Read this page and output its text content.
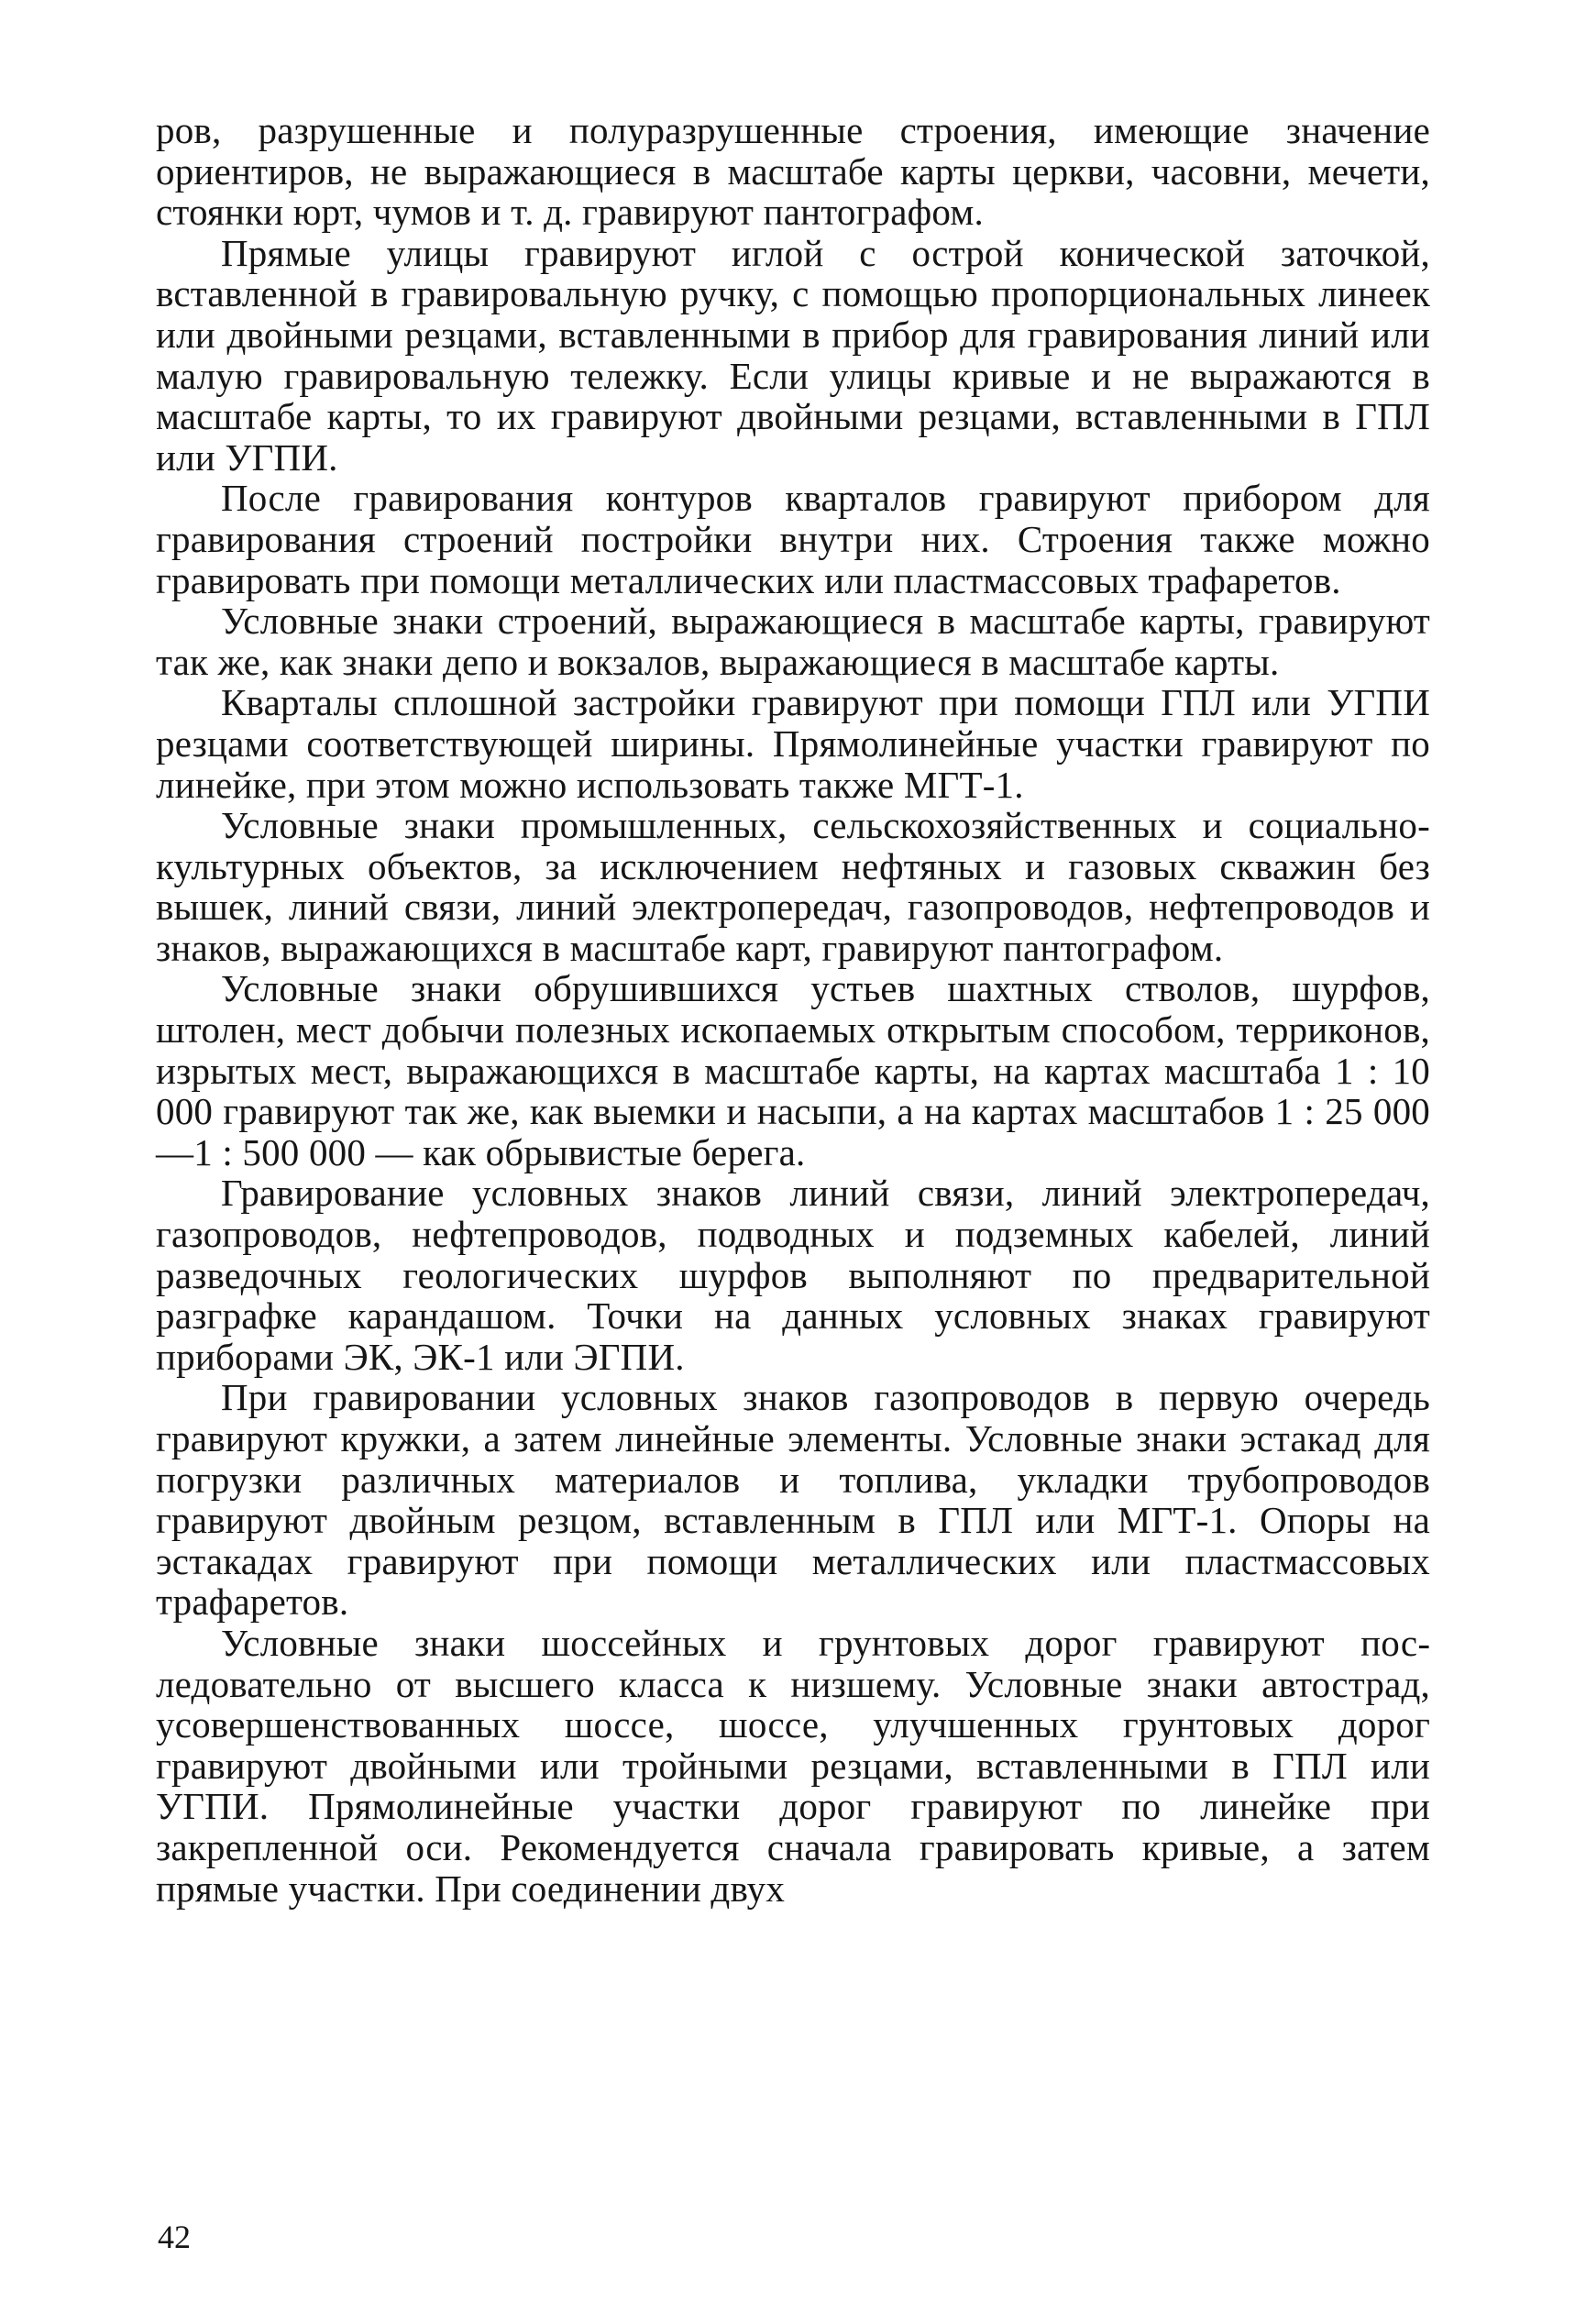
ров, разрушенные и полуразрушенные строения, имеющие значение ориентиров, не выражающиеся в масштабе карты церкви, часовни, мечети, стоянки юрт, чумов и т. д. гравируют пантографом.

Прямые улицы гравируют иглой с острой конической заточкой, вставленной в гравировальную ручку, с помощью пропорциональных линеек или двойными резцами, вставленными в прибор для гравирования линий или малую гравировальную тележку. Если улицы кривые и не выражаются в масштабе карты, то их гравируют двойными резцами, вставленными в ГПЛ или УГПИ.

После гравирования контуров кварталов гравируют прибором для гравирования строений постройки внутри них. Строения также можно гравировать при помощи металлических или пластмассовых трафаретов.

Условные знаки строений, выражающиеся в масштабе карты, гравируют так же, как знаки депо и вокзалов, выражающиеся в масштабе карты.

Кварталы сплошной застройки гравируют при помощи ГПЛ или УГПИ резцами соответствующей ширины. Прямолинейные участки гравируют по линейке, при этом можно использовать также МГТ-1.

Условные знаки промышленных, сельскохозяйственных и социально-культурных объектов, за исключением нефтяных и газовых скважин без вышек, линий связи, линий электропередач, газопроводов, нефтепроводов и знаков, выражающихся в масштабе карт, гравируют пантографом.

Условные знаки обрушившихся устьев шахтных стволов, шурфов, штолен, мест добычи полезных ископаемых открытым способом, терриконов, изрытых мест, выражающихся в масштабе карты, на картах масштаба 1 : 10 000 гравируют так же, как выемки и насыпи, а на картах масштабов 1 : 25 000—1 : 500 000 — как обрывистые берега.

Гравирование условных знаков линий связи, линий электропередач, газопроводов, нефтепроводов, подводных и подземных кабелей, линий разведочных геологических шурфов выполняют по предварительной разграфке карандашом. Точки на данных условных знаках гравируют приборами ЭК, ЭК-1 или ЭГПИ.

При гравировании условных знаков газопроводов в первую очередь гравируют кружки, а затем линейные элементы. Условные знаки эстакад для погрузки различных материалов и топлива, укладки трубопроводов гравируют двойным резцом, вставленным в ГПЛ или МГТ-1. Опоры на эстакадах гравируют при помощи металлических или пластмассовых трафаретов.

Условные знаки шоссейных и грунтовых дорог гравируют последовательно от высшего класса к низшему. Условные знаки автострад, усовершенствованных шоссе, шоссе, улучшенных грунтовых дорог гравируют двойными или тройными резцами, вставленными в ГПЛ или УГПИ. Прямолинейные участки дорог гравируют по линейке при закрепленной оси. Рекомендуется сначала гравировать кривые, а затем прямые участки. При соединении двух

42
